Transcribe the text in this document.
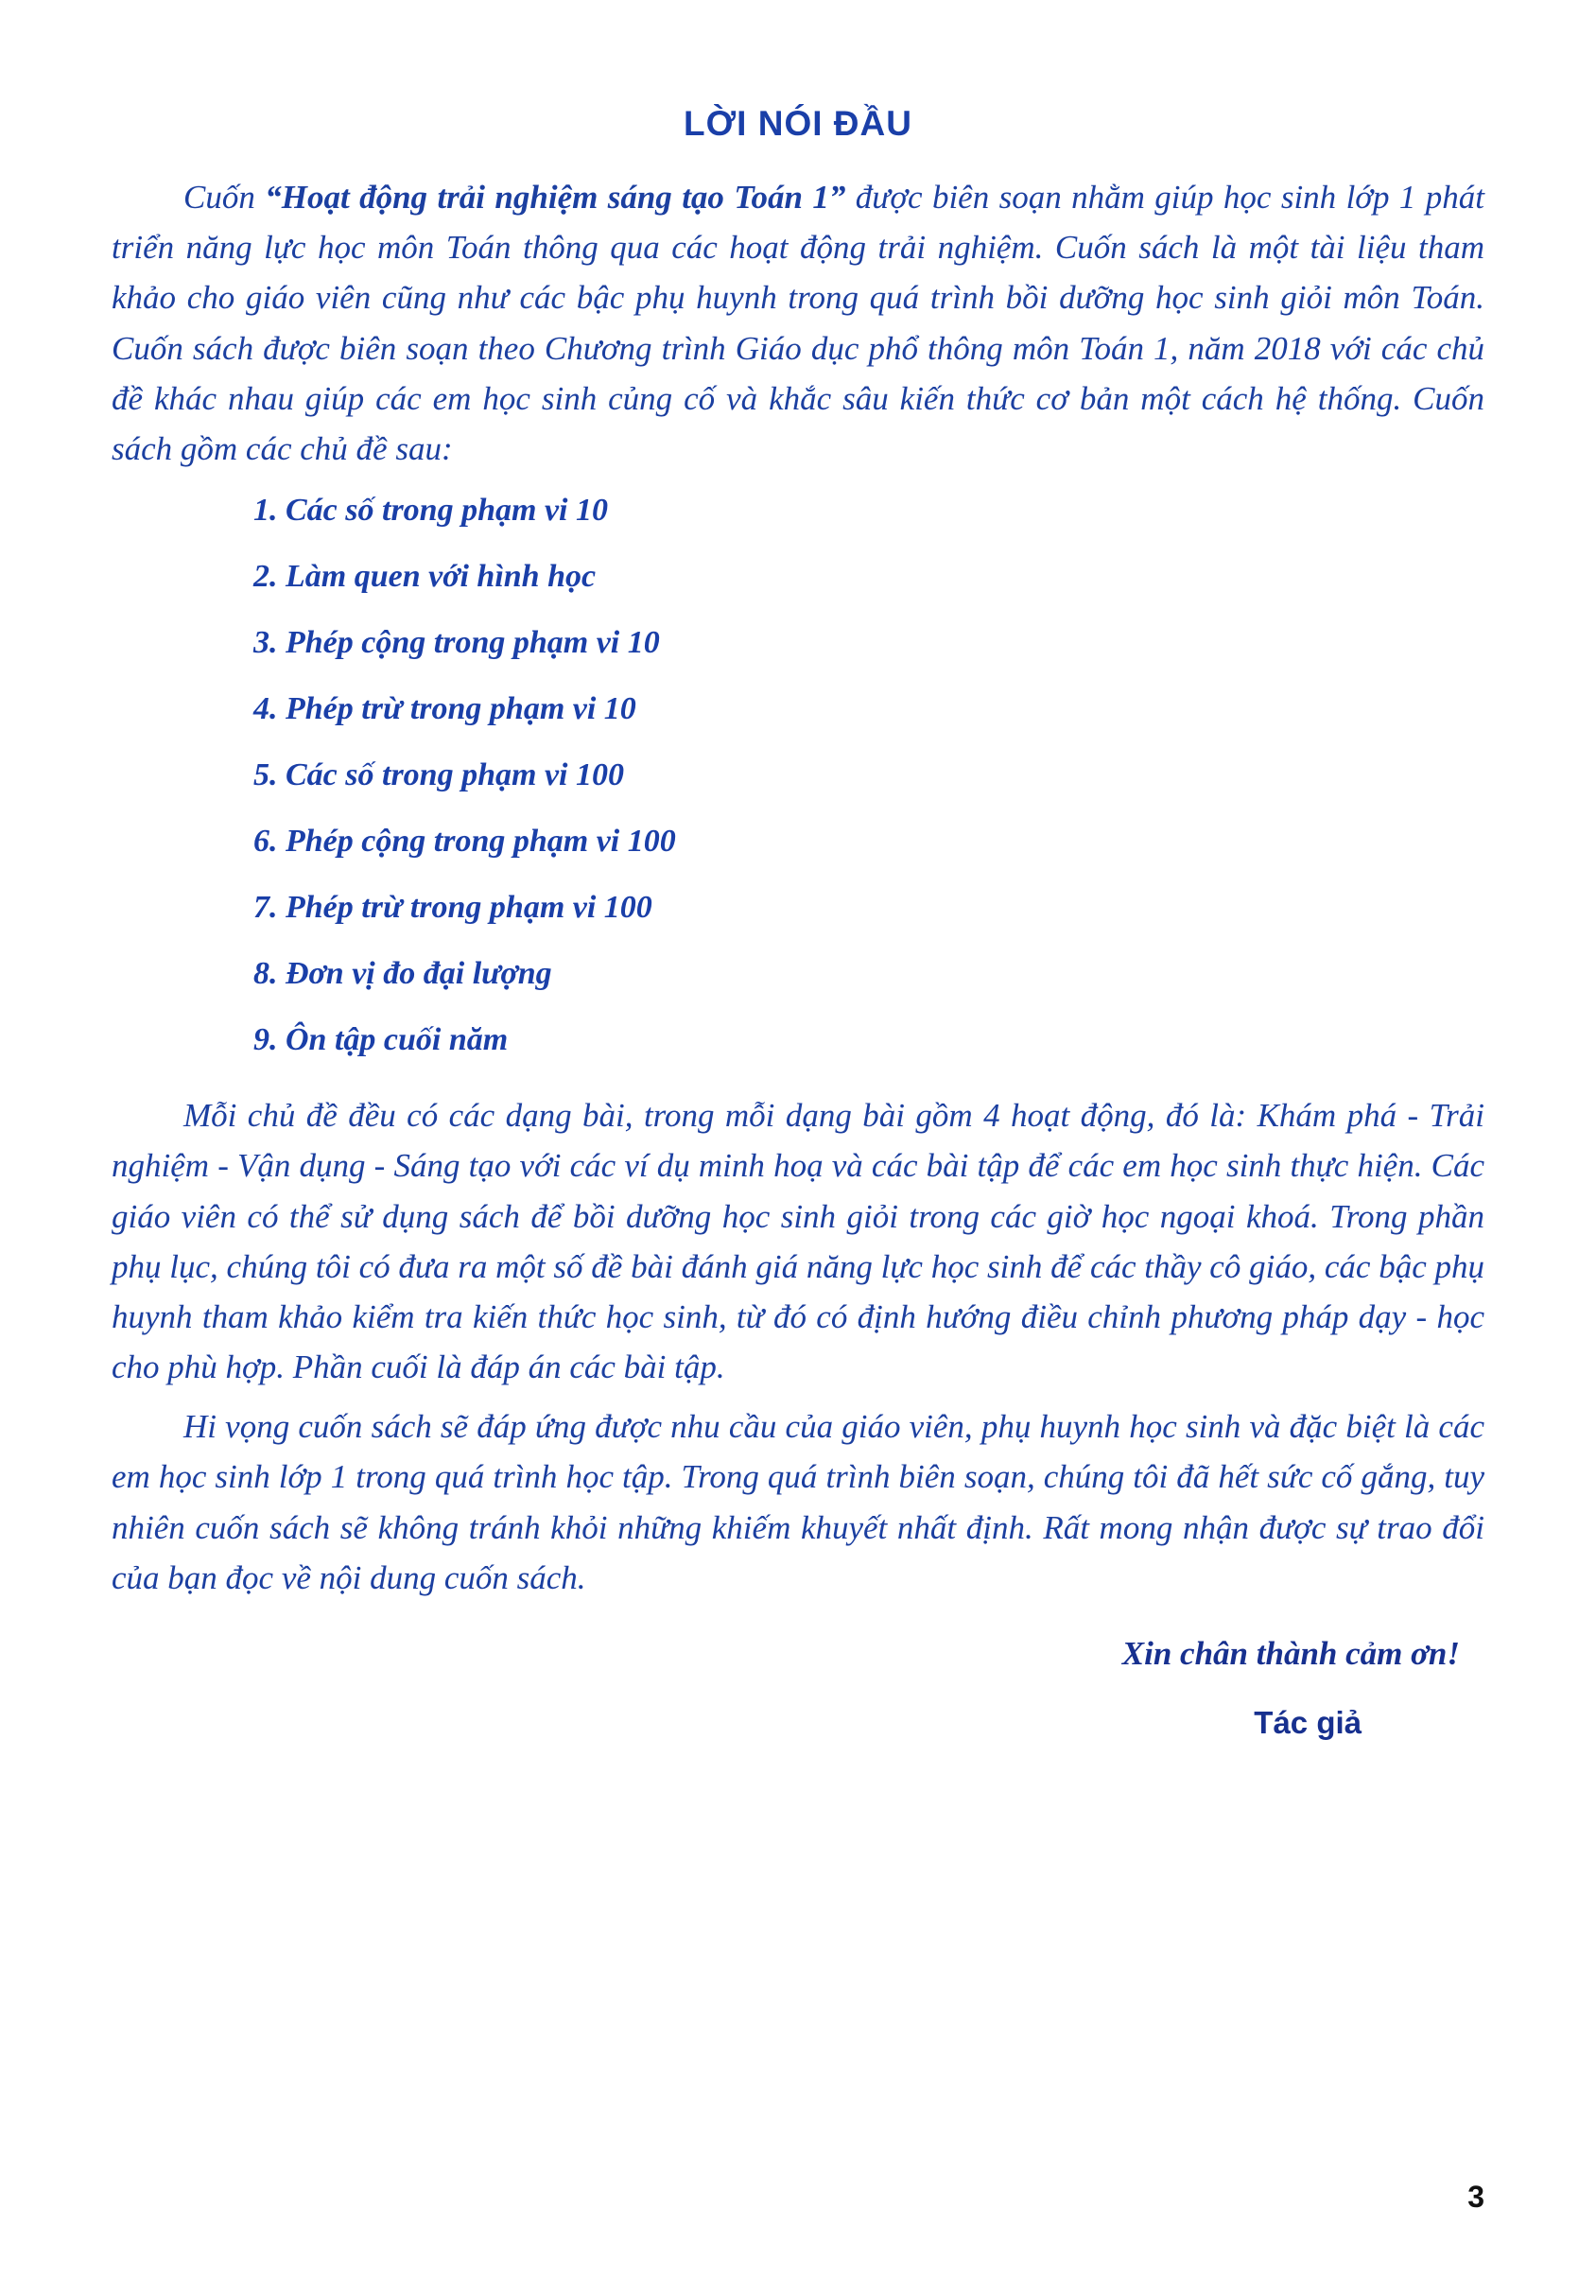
LỜI NÓI ĐẦU

Cuốn “Hoạt động trải nghiệm sáng tạo Toán 1” được biên soạn nhằm giúp học sinh lớp 1 phát triển năng lực học môn Toán thông qua các hoạt động trải nghiệm. Cuốn sách là một tài liệu tham khảo cho giáo viên cũng như các bậc phụ huynh trong quá trình bồi dưỡng học sinh giỏi môn Toán. Cuốn sách được biên soạn theo Chương trình Giáo dục phổ thông môn Toán 1, năm 2018 với các chủ đề khác nhau giúp các em học sinh củng cố và khắc sâu kiến thức cơ bản một cách hệ thống. Cuốn sách gồm các chủ đề sau:

1. Các số trong phạm vi 10
2. Làm quen với hình học
3. Phép cộng trong phạm vi 10
4. Phép trừ trong phạm vi 10
5. Các số trong phạm vi 100
6. Phép cộng trong phạm vi 100
7. Phép trừ trong phạm vi 100
8. Đơn vị đo đại lượng
9. Ôn tập cuối năm

Mỗi chủ đề đều có các dạng bài, trong mỗi dạng bài gồm 4 hoạt động, đó là: Khám phá - Trải nghiệm - Vận dụng - Sáng tạo với các ví dụ minh hoạ và các bài tập để các em học sinh thực hiện. Các giáo viên có thể sử dụng sách để bồi dưỡng học sinh giỏi trong các giờ học ngoại khoá. Trong phần phụ lục, chúng tôi có đưa ra một số đề bài đánh giá năng lực học sinh để các thầy cô giáo, các bậc phụ huynh tham khảo kiểm tra kiến thức học sinh, từ đó có định hướng điều chỉnh phương pháp dạy - học cho phù hợp. Phần cuối là đáp án các bài tập.

Hi vọng cuốn sách sẽ đáp ứng được nhu cầu của giáo viên, phụ huynh học sinh và đặc biệt là các em học sinh lớp 1 trong quá trình học tập. Trong quá trình biên soạn, chúng tôi đã hết sức cố gắng, tuy nhiên cuốn sách sẽ không tránh khỏi những khiếm khuyết nhất định. Rất mong nhận được sự trao đổi của bạn đọc về nội dung cuốn sách.

Xin chân thành cảm ơn!

Tác giả

3
